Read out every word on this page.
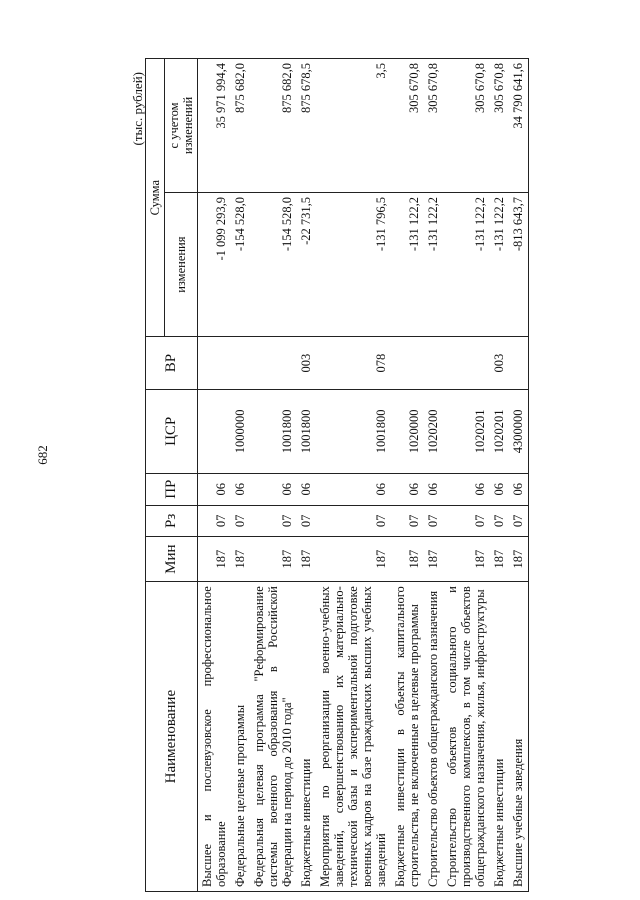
682
(тыс. рублей)
Наименование	Мин	Рз	ПР	ЦСР	ВР	Сумма	
						изменения	с учетом изменений

Высшее и послевузовское профессиональное образование	187	07	06			-1 099 293,9	35 971 994,4
Федеральные целевые программы	187	07	06	1000000		-154 528,0	875 682,0
Федеральная целевая программа "Реформирование системы военного образования в Российской Федерации на период до 2010 года"	187	07	06	1001800		-154 528,0	875 682,0
Бюджетные инвестиции	187	07	06	1001800	003	-22 731,5	875 678,5
Мероприятия по реорганизации военно-учебных заведений, совершенствованию их материально-технической базы и экспериментальной подготовке военных кадров на базе гражданских высших учебных заведений	187	07	06	1001800	078	-131 796,5	3,5
Бюджетные инвестиции в объекты капитального строительства, не включенные в целевые программы	187	07	06	1020000		-131 122,2	305 670,8
Строительство объектов общегражданского назначения	187	07	06	1020200		-131 122,2	305 670,8
Строительство объектов социального и производственного комплексов, в том числе объектов общегражданского назначения, жилья, инфраструктуры	187	07	06	1020201		-131 122,2	305 670,8
Бюджетные инвестиции	187	07	06	1020201	003	-131 122,2	305 670,8
Высшие учебные заведения	187	07	06	4300000		-813 643,7	34 790 641,6
